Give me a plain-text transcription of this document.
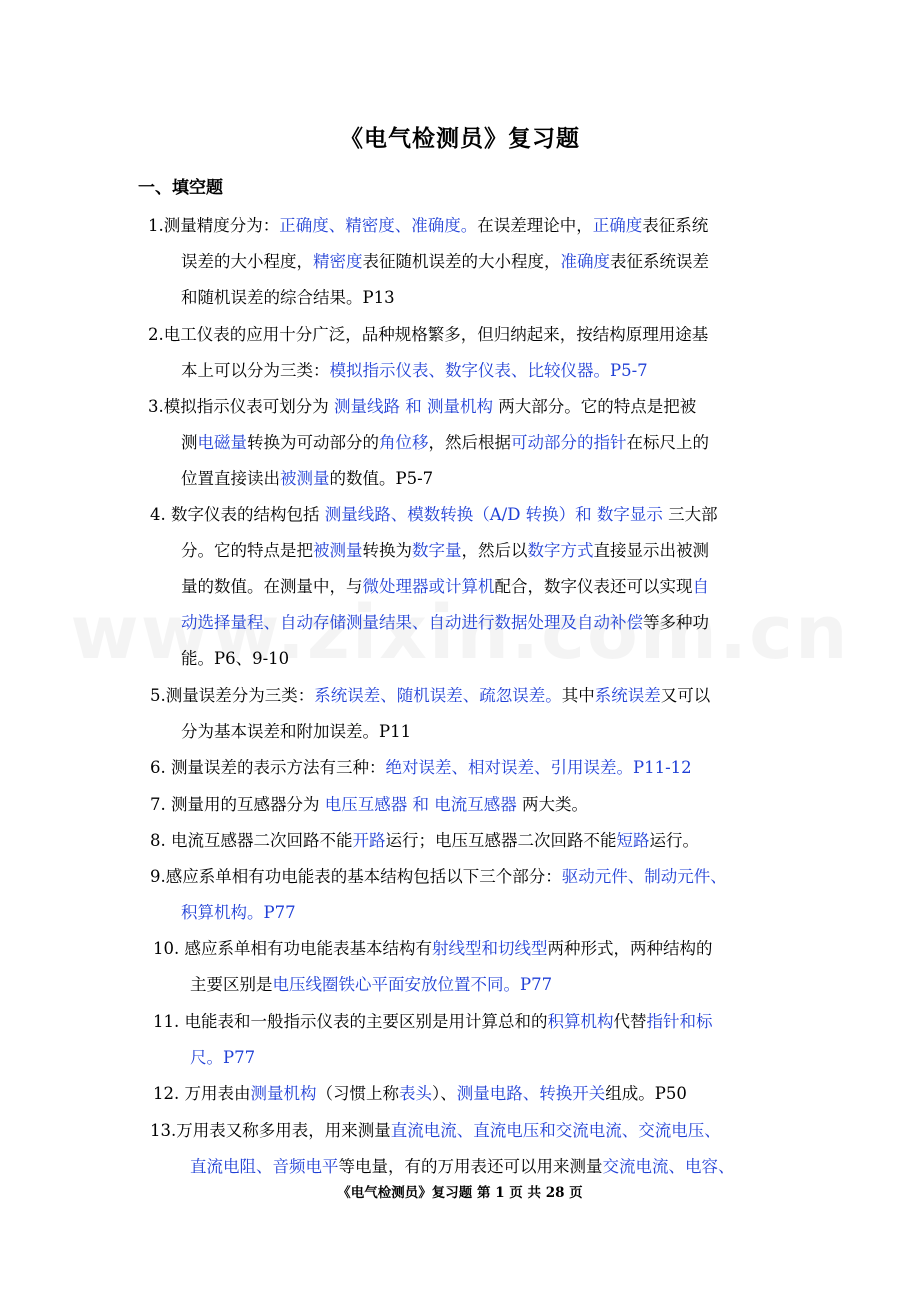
《电气检测员》复习题
一、填空题
1.测量精度分为：正确度、精密度、准确度。在误差理论中，正确度表征系统
误差的大小程度，精密度表征随机误差的大小程度，准确度表征系统误差
和随机误差的综合结果。P13
2.电工仪表的应用十分广泛，品种规格繁多，但归纳起来，按结构原理用途基
本上可以分为三类：模拟指示仪表、数字仪表、比较仪器。P5-7
3.模拟指示仪表可划分为 测量线路 和 测量机构 两大部分。它的特点是把被
测电磁量转换为可动部分的角位移，然后根据可动部分的指针在标尺上的
位置直接读出被测量的数值。P5-7
4. 数字仪表的结构包括 测量线路、模数转换（A/D 转换）和 数字显示 三大部
分。它的特点是把被测量转换为数字量，然后以数字方式直接显示出被测
量的数值。在测量中，与微处理器或计算机配合，数字仪表还可以实现自
动选择量程、自动存储测量结果、自动进行数据处理及自动补偿等多种功
能。P6、9-10
5.测量误差分为三类：系统误差、随机误差、疏忽误差。其中系统误差又可以
分为基本误差和附加误差。P11
6. 测量误差的表示方法有三种：绝对误差、相对误差、引用误差。P11-12
7. 测量用的互感器分为 电压互感器 和 电流互感器 两大类。
8. 电流互感器二次回路不能开路运行；电压互感器二次回路不能短路运行。
9.感应系单相有功电能表的基本结构包括以下三个部分：驱动元件、制动元件、
积算机构。P77
10. 感应系单相有功电能表基本结构有射线型和切线型两种形式，两种结构的
主要区别是电压线圈铁心平面安放位置不同。P77
11. 电能表和一般指示仪表的主要区别是用计算总和的积算机构代替指针和标
尺。P77
12. 万用表由测量机构（习惯上称表头）、测量电路、转换开关组成。P50
13.万用表又称多用表，用来测量直流电流、直流电压和交流电流、交流电压、
直流电阻、音频电平等电量，有的万用表还可以用来测量交流电流、电容、
《电气检测员》复习题 第 1 页 共 28 页
